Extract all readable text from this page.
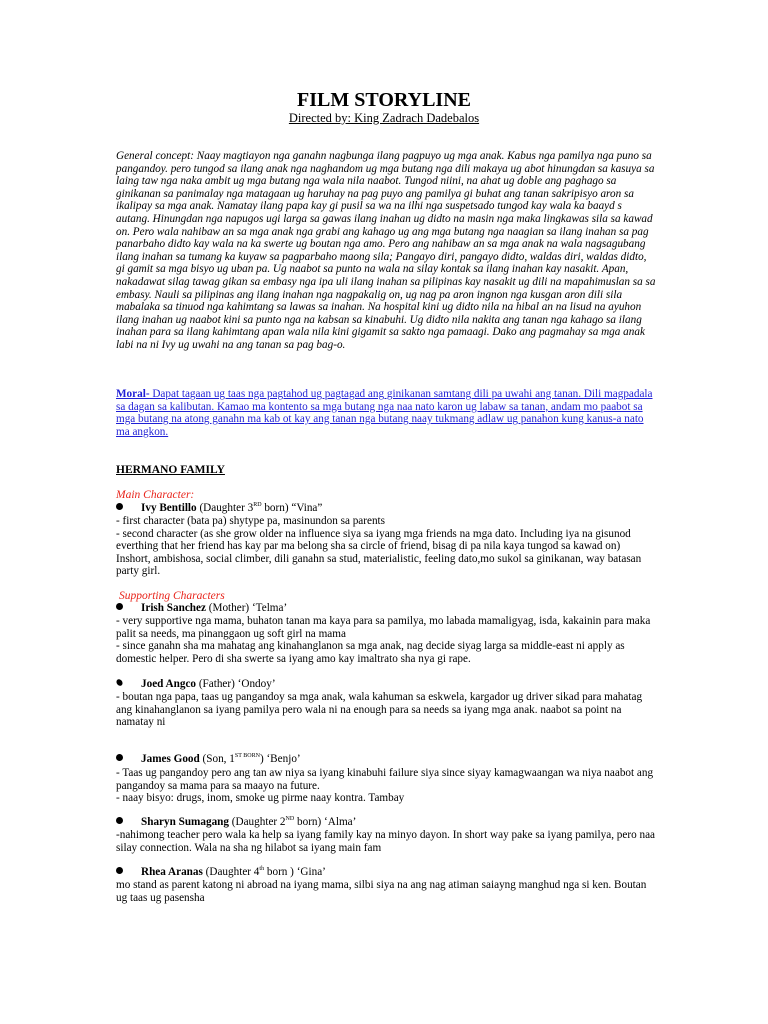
FILM STORYLINE
Directed by: King Zadrach Dadebalos

General concept: Naay magtiayon nga ganahn nagbunga ilang pagpuyo ug mga anak. Kabus nga pamilya nga puno sa pangandoy. pero tungod sa ilang anak nga naghandom ug mga butang nga dili makaya ug abot hinungdan sa kasuya sa laing taw nga naka ambit ug mga butang nga wala nila naabot. Tungod niini, na ahat ug doble ang paghago sa ginikanan sa panimalay nga matagaan ug haruhay na pag puyo ang pamilya gi buhat ang tanan sakripisyo aron sa ikalipay sa mga anak. Namatay ilang papa kay gi pusil sa wa na ilhi nga suspetsado tungod kay wala ka baayd s autang. Hinungdan nga napugos ugi larga sa gawas ilang inahan ug didto na masin nga maka lingkawas sila sa kawad on. Pero wala nahibaw an sa mga anak nga grabi ang kahago ug ang mga butang nga naagian sa ilang inahan sa pag panarbaho didto kay wala na ka swerte ug boutan nga amo. Pero ang nahibaw an sa mga anak na wala nagsagubang ilang inahan sa tumang ka kuyaw sa pagparbaho maong sila; Pangayo diri, pangayo didto, waldas diri, waldas didto, gi gamit sa mga bisyo ug uban pa. Ug naabot sa punto na wala na silay kontak sa ilang inahan kay nasakit. Apan, nakadawat silag tawag gikan sa embasy nga ipa uli ilang inahan sa pilipinas kay nasakit ug dili na mapahimuslan sa sa embasy. Nauli sa pilipinas ang ilang inahan nga nagpakalig on, ug nag pa aron ingnon nga kusgan aron dili sila mabalaka sa tinuod nga kahimtang sa lawas sa inahan. Na hospital kini ug didto nila na hibal an na lisud na ayuhon ilang inahan ug naabot kini sa punto nga na kabsan sa kinabuhi. Ug didto nila nakita ang tanan nga kahago sa ilang inahan para sa ilang kahimtang apan wala nila kini gigamit sa sakto nga pamaagi. Dako ang pagmahay sa mga anak labi na ni Ivy ug uwahi na ang tanan sa pag bag-o.

Moral- Dapat tagaan ug taas nga pagtahod ug pagtagad ang ginikanan samtang dili pa uwahi ang tanan. Dili magpadala sa dagan sa kalibutan. Kamao ma kontento sa mga butang nga naa nato karon ug labaw sa tanan, andam mo paabot sa mga butang na atong ganahn ma kab ot kay ang tanan nga butang naay tukmang adlaw ug panahon kung kanus-a nato ma angkon.

HERMANO FAMILY
Main Character:
Ivy Bentillo (Daughter 3RD born) “Vina”

- first character (bata pa) shytype pa, masinundon sa parents
- second character (as she grow older na influence siya sa iyang mga friends na mga dato. Including iya na gisunod everthing that her friend has kay par ma belong sha sa circle of friend, bisag di pa nila kaya tungod sa kawad on) Inshort, ambishosa, social climber, dili ganahn sa stud, materialistic, feeling dato,mo sukol sa ginikanan, way batasan party girl.

Supporting Characters
Irish Sanchez (Mother) ‘Telma’

- very supportive nga mama, buhaton tanan ma kaya para sa pamilya, mo labada mamaligyag, isda, kakainin para maka palit sa needs, ma pinanggaon ug soft girl na mama
- since ganahn sha ma mahatag ang kinahanglanon sa mga anak, nag decide siyag larga sa middle-east ni apply as domestic helper. Pero di sha swerte sa iyang amo kay imaltrato sha nya gi rape.

Joed Angco (Father) ‘Ondoy’

- boutan nga papa, taas ug pangandoy sa mga anak, wala kahuman sa eskwela, kargador ug driver sikad para mahatag ang kinahanglanon sa iyang pamilya pero wala ni na enough para sa needs sa iyang mga anak. naabot sa point na namatay ni

James Good (Son, $1^{ST BORN}$) ‘Benjo’

- Taas ug pangandoy pero ang tan aw niya sa iyang kinabuhi failure siya since siyay kamagwaangan wa niya naabot ang pangandoy sa mama para sa maayo na future.
- naay bisyo: drugs, inom, smoke ug pirme naay kontra. Tambay

Sharyn Sumagang (Daughter 2ND born) ‘Alma’

-nahimong teacher pero wala ka help sa iyang family kay na minyo dayon. In short way pake sa iyang pamilya, pero naa silay connection. Wala na sha ng hilabot sa iyang main fam

Rhea Aranas (Daughter 4th born ) ‘Gina’

mo stand as parent katong ni abroad na iyang mama, silbi siya na ang nag atiman saiayng manghud nga si ken. Boutan ug taas ug pasensha
